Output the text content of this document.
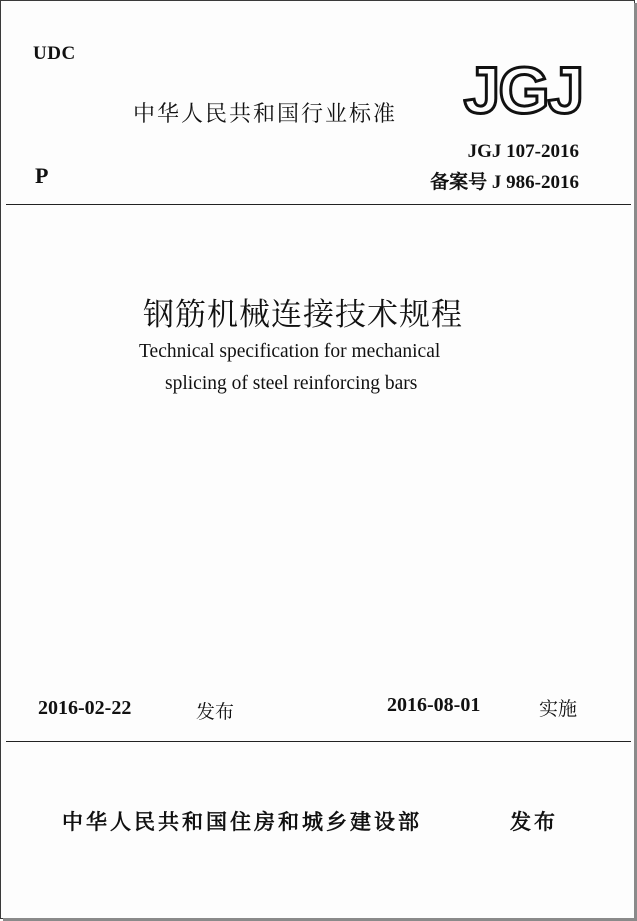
UDC
中华人民共和国行业标准 JGJ
JGJ 107-2016
P	备案号 J 986-2016
钢筋机械连接技术规程
Technical specification for mechanical
splicing of steel reinforcing bars
2016-02-22	发布	2016-08-01	实施
中华人民共和国住房和城乡建设部	发布
